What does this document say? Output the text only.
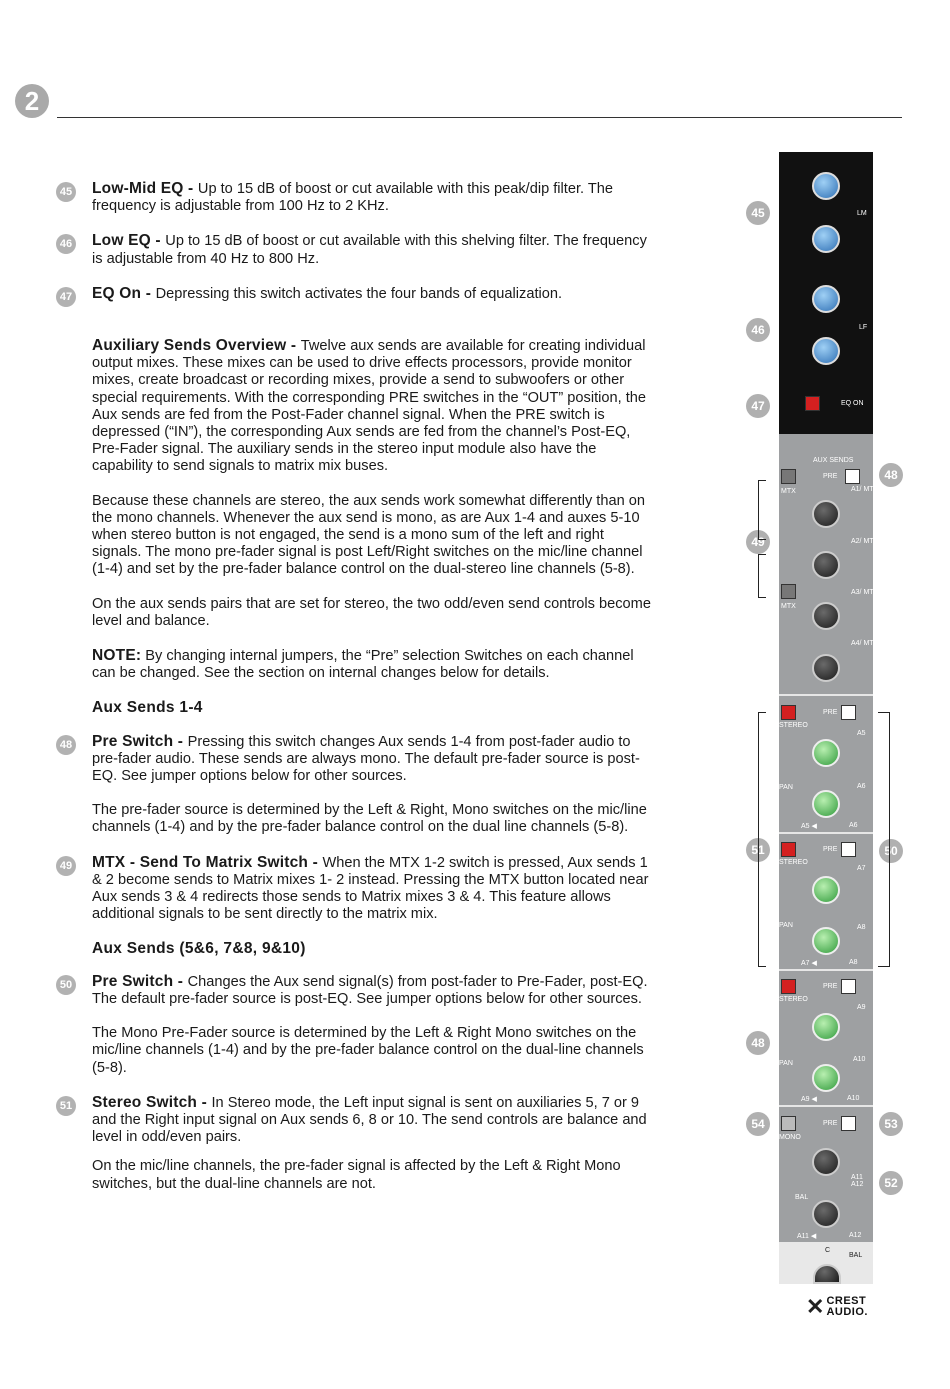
2
45 Low-Mid EQ - Up to 15 dB of boost or cut available with this peak/dip filter. The frequency is adjustable from 100 Hz to 2 KHz.
46 Low EQ - Up to 15 dB of boost or cut available with this shelving filter. The frequency is adjustable from 40 Hz to 800 Hz.
47 EQ On - Depressing this switch activates the four bands of equalization.
Auxiliary Sends Overview - Twelve aux sends are available for creating individual output mixes. These mixes can be used to drive effects processors, provide monitor mixes, create broadcast or recording mixes, provide a send to subwoofers or other special requirements. With the corresponding PRE switches in the “OUT” position, the Aux sends are fed from the Post-Fader channel signal. When the PRE switch is depressed (“IN”), the corresponding Aux sends are fed from the channel’s Post-EQ, Pre-Fader signal. The auxiliary sends in the stereo input module also have the capability to send signals to matrix mix buses.
Because these channels are stereo, the aux sends work somewhat differently than on the mono channels. Whenever the aux send is mono, as are Aux 1-4 and auxes 5-10 when stereo button is not engaged, the send is a mono sum of the left and right signals. The mono pre-fader signal is post Left/Right switches on the mic/line channel (1-4) and set by the pre-fader balance control on the dual-stereo line channels (5-8).
On the aux sends pairs that are set for stereo, the two odd/even send controls become level and balance.
NOTE: By changing internal jumpers, the “Pre” selection Switches on each channel can be changed. See the section on internal changes below for details.
Aux Sends 1-4
48 Pre Switch - Pressing this switch changes Aux sends 1-4 from post-fader audio to pre-fader audio. These sends are always mono. The default pre-fader source is post-EQ. See jumper options below for other sources.
The pre-fader source is determined by the Left & Right, Mono switches on the mic/line channels (1-4) and by the pre-fader balance control on the dual line channels (5-8).
49 MTX - Send To Matrix Switch - When the MTX 1-2 switch is pressed, Aux sends 1 & 2 become sends to Matrix mixes 1- 2 instead. Pressing the MTX button located near Aux sends 3 & 4 redirects those sends to Matrix mixes 3 & 4. This feature allows additional signals to be sent directly to the matrix mix.
Aux Sends (5&6, 7&8, 9&10)
50 Pre Switch - Changes the Aux send signal(s) from post-fader to Pre-Fader, post-EQ. The default pre-fader source is post-EQ. See jumper options below for other sources.
The Mono Pre-Fader source is determined by the Left & Right Mono switches on the mic/line channels (1-4) and by the pre-fader balance control on the dual-line channels (5-8).
51 Stereo Switch - In Stereo mode, the Left input signal is sent on auxiliaries 5, 7 or 9 and the Right input signal on Aux sends 6, 8 or 10. The send controls are balance and level in odd/even pairs.
On the mic/line channels, the pre-fader signal is affected by the Left & Right Mono switches, but the dual-line channels are not.
45
46
47
48
49
51	50
48
54	53
52
LM
LF
EQ ON
AUX SENDS
PRE
MTX	A1/ MTX1
A2/ MTX2
MTX
A3/ MTX3
A4/ MTX4
STEREO
PRE
A5
PAN	A6
A5 ◀	A6
STEREO
PRE
A7
PAN	A8
A7 ◀	A8
STEREO
PRE
A9
PAN
A10
A9 ◀	A10
MONO
PRE
A11 A12
BAL
A11 ◀	A12
C
BAL
✕ CREST
AUDIO.
